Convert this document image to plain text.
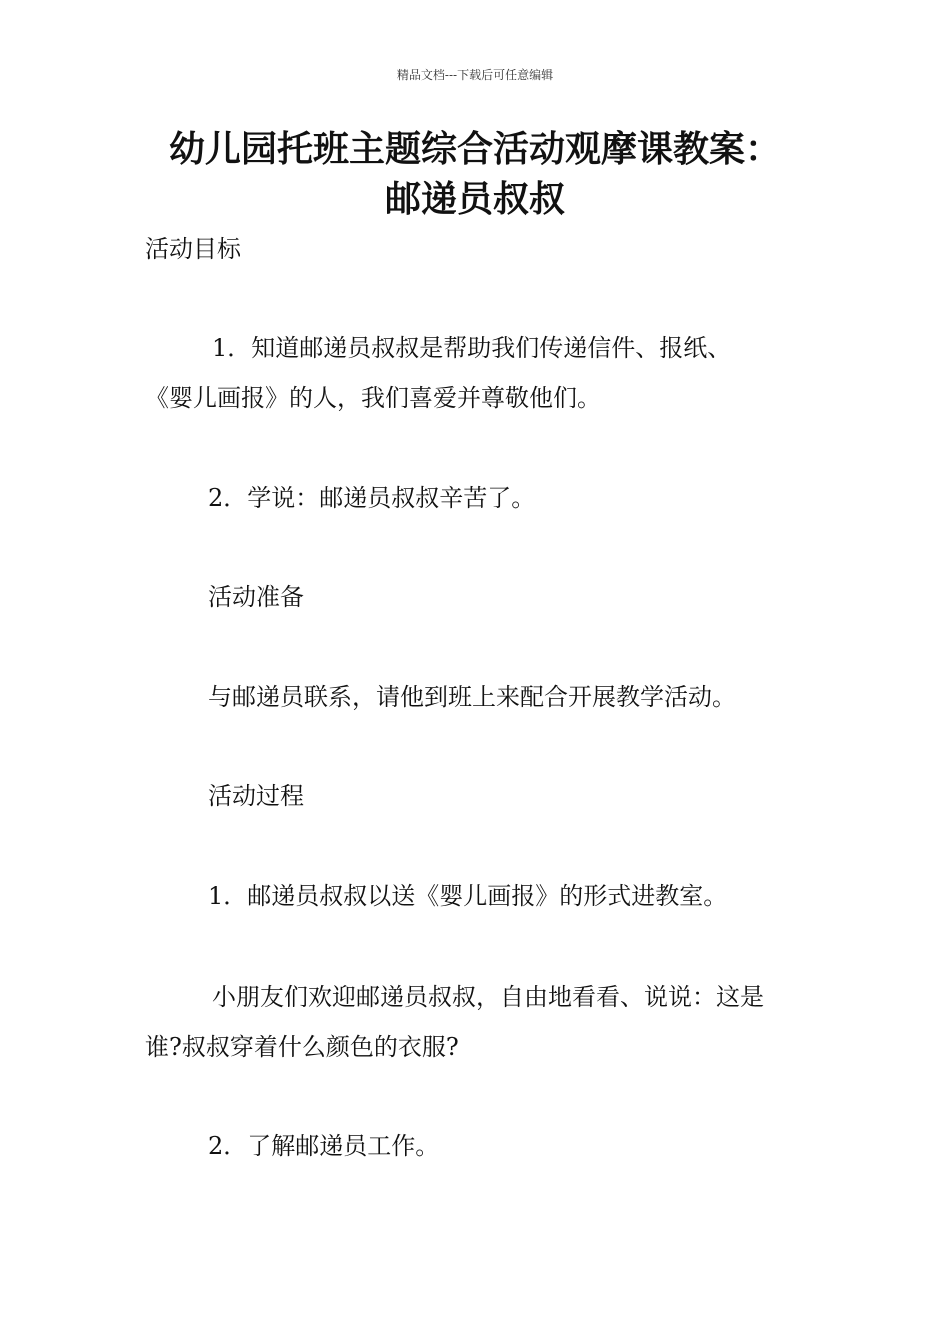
精品文档---下载后可任意编辑
幼儿园托班主题综合活动观摩课教案：
邮递员叔叔
活动目标
1．知道邮递员叔叔是帮助我们传递信件、报纸、
《婴儿画报》的人，我们喜爱并尊敬他们。
2．学说：邮递员叔叔辛苦了。
活动准备
与邮递员联系，请他到班上来配合开展教学活动。
活动过程
1．邮递员叔叔以送《婴儿画报》的形式进教室。
小朋友们欢迎邮递员叔叔，自由地看看、说说：这是
谁?叔叔穿着什么颜色的衣服?
2．了解邮递员工作。
